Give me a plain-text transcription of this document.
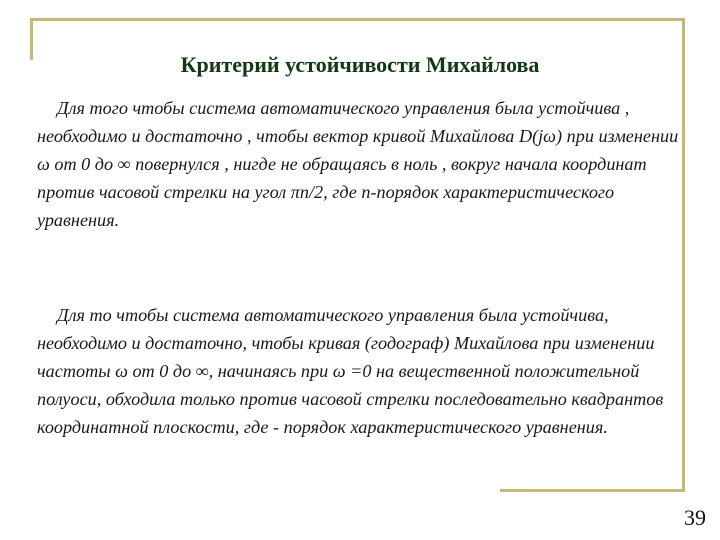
Критерий устойчивости Михайлова

Для того чтобы система автоматического управления была устойчива , необходимо и достаточно , чтобы вектор кривой Михайлова D(jω) при изменении ω от 0 до ∞ повернулся , нигде не обращаясь в ноль , вокруг начала координат против часовой стрелки на угол πn/2, где n-порядок характеристического уравнения.

Для то чтобы система автоматического управления была устойчива, необходимо и достаточно, чтобы кривая (годограф) Михайлова при изменении частоты ω от 0 до ∞, начинаясь при ω =0 на вещественной положительной полуоси, обходила только против часовой стрелки последовательно квадрантов координатной плоскости, где - порядок характеристического уравнения.

39
